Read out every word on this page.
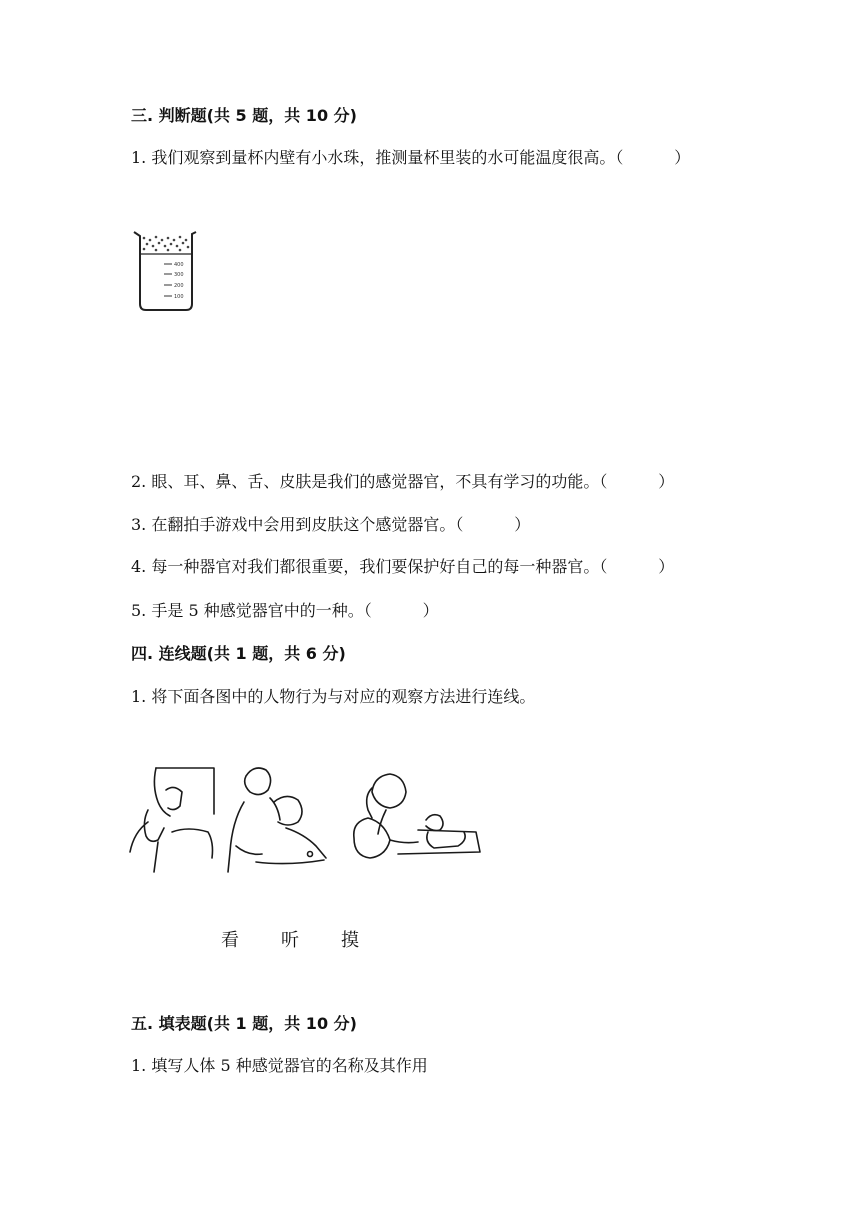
三. 判断题(共 5 题，共 10 分)
1. 我们观察到量杯内壁有小水珠，推测量杯里装的水可能温度很高。（          ）
400
300
200
100
2. 眼、耳、鼻、舌、皮肤是我们的感觉器官，不具有学习的功能。（          ）
3. 在翻拍手游戏中会用到皮肤这个感觉器官。（          ）
4. 每一种器官对我们都很重要，我们要保护好自己的每一种器官。（          ）
5. 手是 5 种感觉器官中的一种。（          ）
四. 连线题(共 1 题，共 6 分)
1. 将下面各图中的人物行为与对应的观察方法进行连线。
看 听 摸
五. 填表题(共 1 题，共 10 分)
1. 填写人体 5 种感觉器官的名称及其作用
